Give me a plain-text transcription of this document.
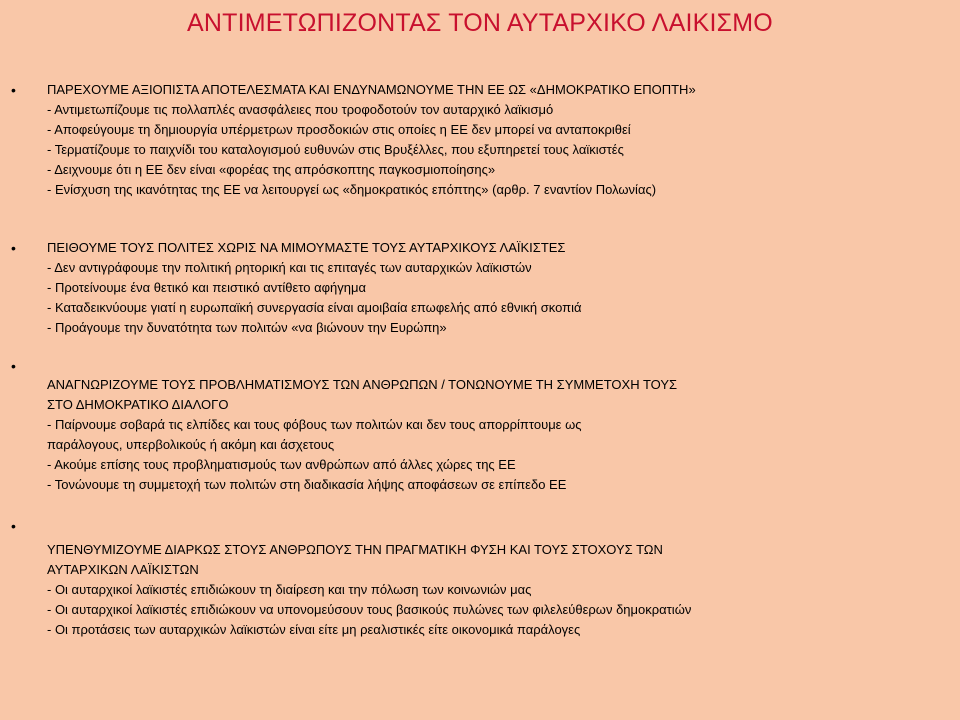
ΑΝΤΙΜΕΤΩΠΙΖΟΝΤΑΣ ΤΟΝ ΑΥΤΑΡΧΙΚΟ ΛΑΙΚΙΣΜΟ
•	ΠΑΡΕΧΟΥΜΕ ΑΞΙΟΠΙΣΤΑ ΑΠΟΤΕΛΕΣΜΑΤΑ ΚΑΙ ΕΝΔΥΝΑΜΩΝΟΥΜΕ ΤΗΝ ΕΕ ΩΣ «ΔΗΜΟΚΡΑΤΙΚΟ ΕΠΟΠΤΗ»
- Αντιμετωπίζουμε τις πολλαπλές ανασφάλειες που τροφοδοτούν τον αυταρχικό λαϊκισμό
- Αποφεύγουμε τη δημιουργία υπέρμετρων προσδοκιών στις οποίες η ΕΕ δεν μπορεί να ανταποκριθεί
- Τερματίζουμε το παιχνίδι του καταλογισμού ευθυνών στις Βρυξέλλες, που εξυπηρετεί τους λαϊκιστές
- Δειχνουμε ότι η ΕΕ δεν είναι «φορέας της απρόσκοπτης παγκοσμιοποίησης»
- Ενίσχυση της ικανότητας της ΕΕ να λειτουργεί ως «δημοκρατικός επόπτης» (αρθρ. 7 εναντίον Πολωνίας)
•	ΠΕΙΘΟΥΜΕ ΤΟΥΣ ΠΟΛΙΤΕΣ ΧΩΡΙΣ ΝΑ ΜΙΜΟΥΜΑΣΤΕ ΤΟΥΣ ΑΥΤΑΡΧΙΚΟΥΣ ΛΑΪΚΙΣΤΕΣ
- Δεν αντιγράφουμε την πολιτική ρητορική και τις επιταγές των αυταρχικών λαϊκιστών
- Προτείνουμε ένα θετικό και πειστικό αντίθετο αφήγημα
- Καταδεικνύουμε γιατί η ευρωπαϊκή συνεργασία είναι αμοιβαία επωφελής από εθνική σκοπιά
- Προάγουμε την δυνατότητα των πολιτών «να βιώνουν την Ευρώπη»
•
ΑΝΑΓΝΩΡΙΖΟΥΜΕ ΤΟΥΣ ΠΡΟΒΛΗΜΑΤΙΣΜΟΥΣ ΤΩΝ ΑΝΘΡΩΠΩΝ / ΤΟΝΩΝΟΥΜΕ ΤΗ ΣΥΜΜΕΤΟΧΗ ΤΟΥΣ
ΣΤΟ ΔΗΜΟΚΡΑΤΙΚΟ ΔΙΑΛΟΓΟ
- Παίρνουμε σοβαρά τις ελπίδες και τους φόβους των πολιτών και δεν τους απορρίπτουμε ως
παράλογους, υπερβολικούς ή ακόμη και άσχετους
- Ακούμε επίσης τους προβληματισμούς των ανθρώπων από άλλες χώρες της ΕΕ
- Τονώνουμε τη συμμετοχή των πολιτών στη διαδικασία λήψης αποφάσεων σε επίπεδο ΕΕ
•
ΥΠΕΝΘΥΜΙΖΟΥΜΕ ΔΙΑΡΚΩΣ ΣΤΟΥΣ ΑΝΘΡΩΠΟΥΣ ΤΗΝ ΠΡΑΓΜΑΤΙΚΗ ΦΥΣΗ ΚΑΙ ΤΟΥΣ ΣΤΟΧΟΥΣ ΤΩΝ
ΑΥΤΑΡΧΙΚΩΝ ΛΑΪΚΙΣΤΩΝ
- Οι αυταρχικοί λαϊκιστές επιδιώκουν τη διαίρεση και την πόλωση των κοινωνιών μας
- Οι αυταρχικοί λαϊκιστές επιδιώκουν να υπονομεύσουν τους βασικούς πυλώνες των φιλελεύθερων δημοκρατιών
- Οι προτάσεις των αυταρχικών λαϊκιστών είναι είτε μη ρεαλιστικές είτε οικονομικά παράλογες
